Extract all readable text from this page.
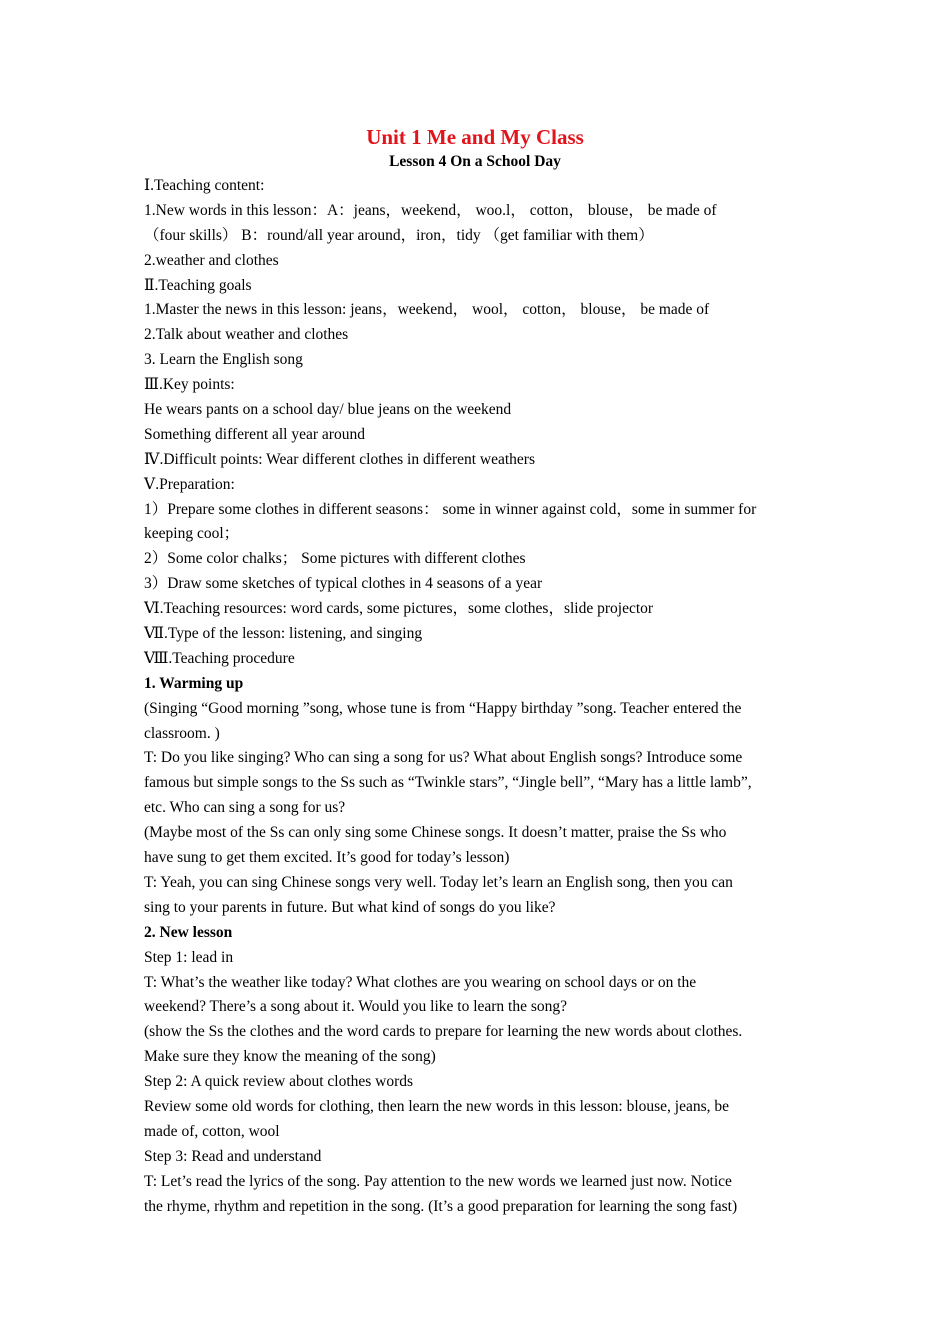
Unit 1 Me and My Class
Lesson 4 On a School Day
Ⅰ.Teaching content:
1.New words in this lesson：A：jeans，weekend， woo.l， cotton， blouse， be made of
（four skills） B：round/all year around，iron，tidy （get familiar with them）
2.weather and clothes
Ⅱ.Teaching goals
1.Master the news in this lesson: jeans，weekend， wool， cotton， blouse， be made of
2.Talk about weather and clothes
3. Learn the English song
Ⅲ.Key points:
He wears pants on a school day/ blue jeans on the weekend
Something different all year around
Ⅳ.Difficult points: Wear different clothes in different weathers
Ⅴ.Preparation:
1）Prepare some clothes in different seasons： some in winner against cold，some in summer for
keeping cool；
2）Some color chalks； Some pictures with different clothes
3）Draw some sketches of typical clothes in 4 seasons of a year
Ⅵ.Teaching resources: word cards, some pictures，some clothes，slide projector
Ⅶ.Type of the lesson: listening, and singing
Ⅷ.Teaching procedure
1. Warming up
(Singing “Good morning ”song, whose tune is from “Happy birthday ”song. Teacher entered the
classroom. )
T: Do you like singing? Who can sing a song for us? What about English songs? Introduce some
famous but simple songs to the Ss such as “Twinkle stars”, “Jingle bell”, “Mary has a little lamb”,
etc. Who can sing a song for us?
(Maybe most of the Ss can only sing some Chinese songs. It doesn’t matter, praise the Ss who
have sung to get them excited. It’s good for today’s lesson)
T: Yeah, you can sing Chinese songs very well. Today let’s learn an English song, then you can
sing to your parents in future. But what kind of songs do you like?
2. New lesson
Step 1: lead in
T: What’s the weather like today? What clothes are you wearing on school days or on the
weekend? There’s a song about it. Would you like to learn the song?
(show the Ss the clothes and the word cards to prepare for learning the new words about clothes.
Make sure they know the meaning of the song)
Step 2: A quick review about clothes words
Review some old words for clothing, then learn the new words in this lesson: blouse, jeans, be
made of, cotton, wool
Step 3: Read and understand
T: Let’s read the lyrics of the song. Pay attention to the new words we learned just now. Notice
the rhyme, rhythm and repetition in the song. (It’s a good preparation for learning the song fast)
